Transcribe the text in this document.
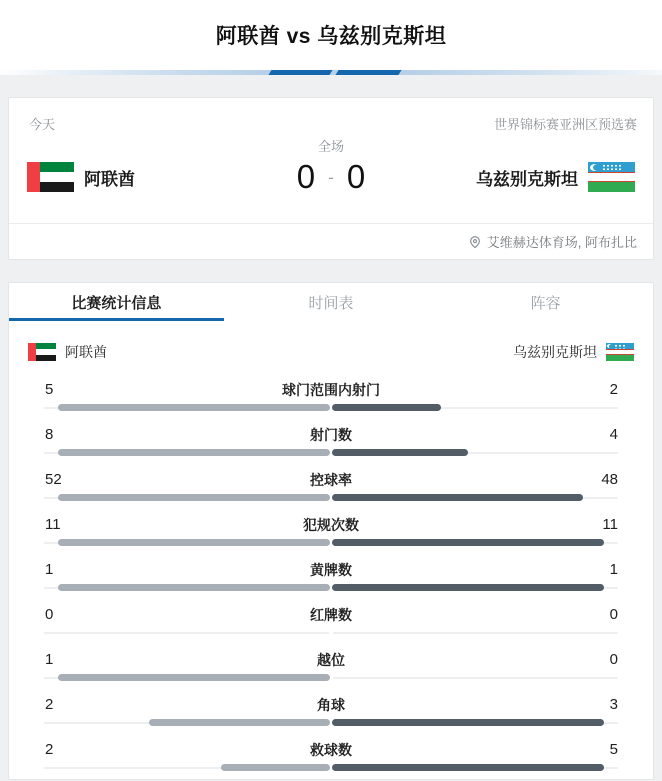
阿联酋 vs 乌兹别克斯坦
今天	世界锦标赛亚洲区预选赛
全场
阿联酋	0 - 0	乌兹别克斯坦
艾维赫达体育场, 阿布扎比
比赛统计信息	时间表	阵容
阿联酋	乌兹别克斯坦
5	球门范围内射门	2
8	射门数	4
52	控球率	48
11	犯规次数	11
1	黄牌数	1
0	红牌数	0
1	越位	0
2	角球	3
2	救球数	5
